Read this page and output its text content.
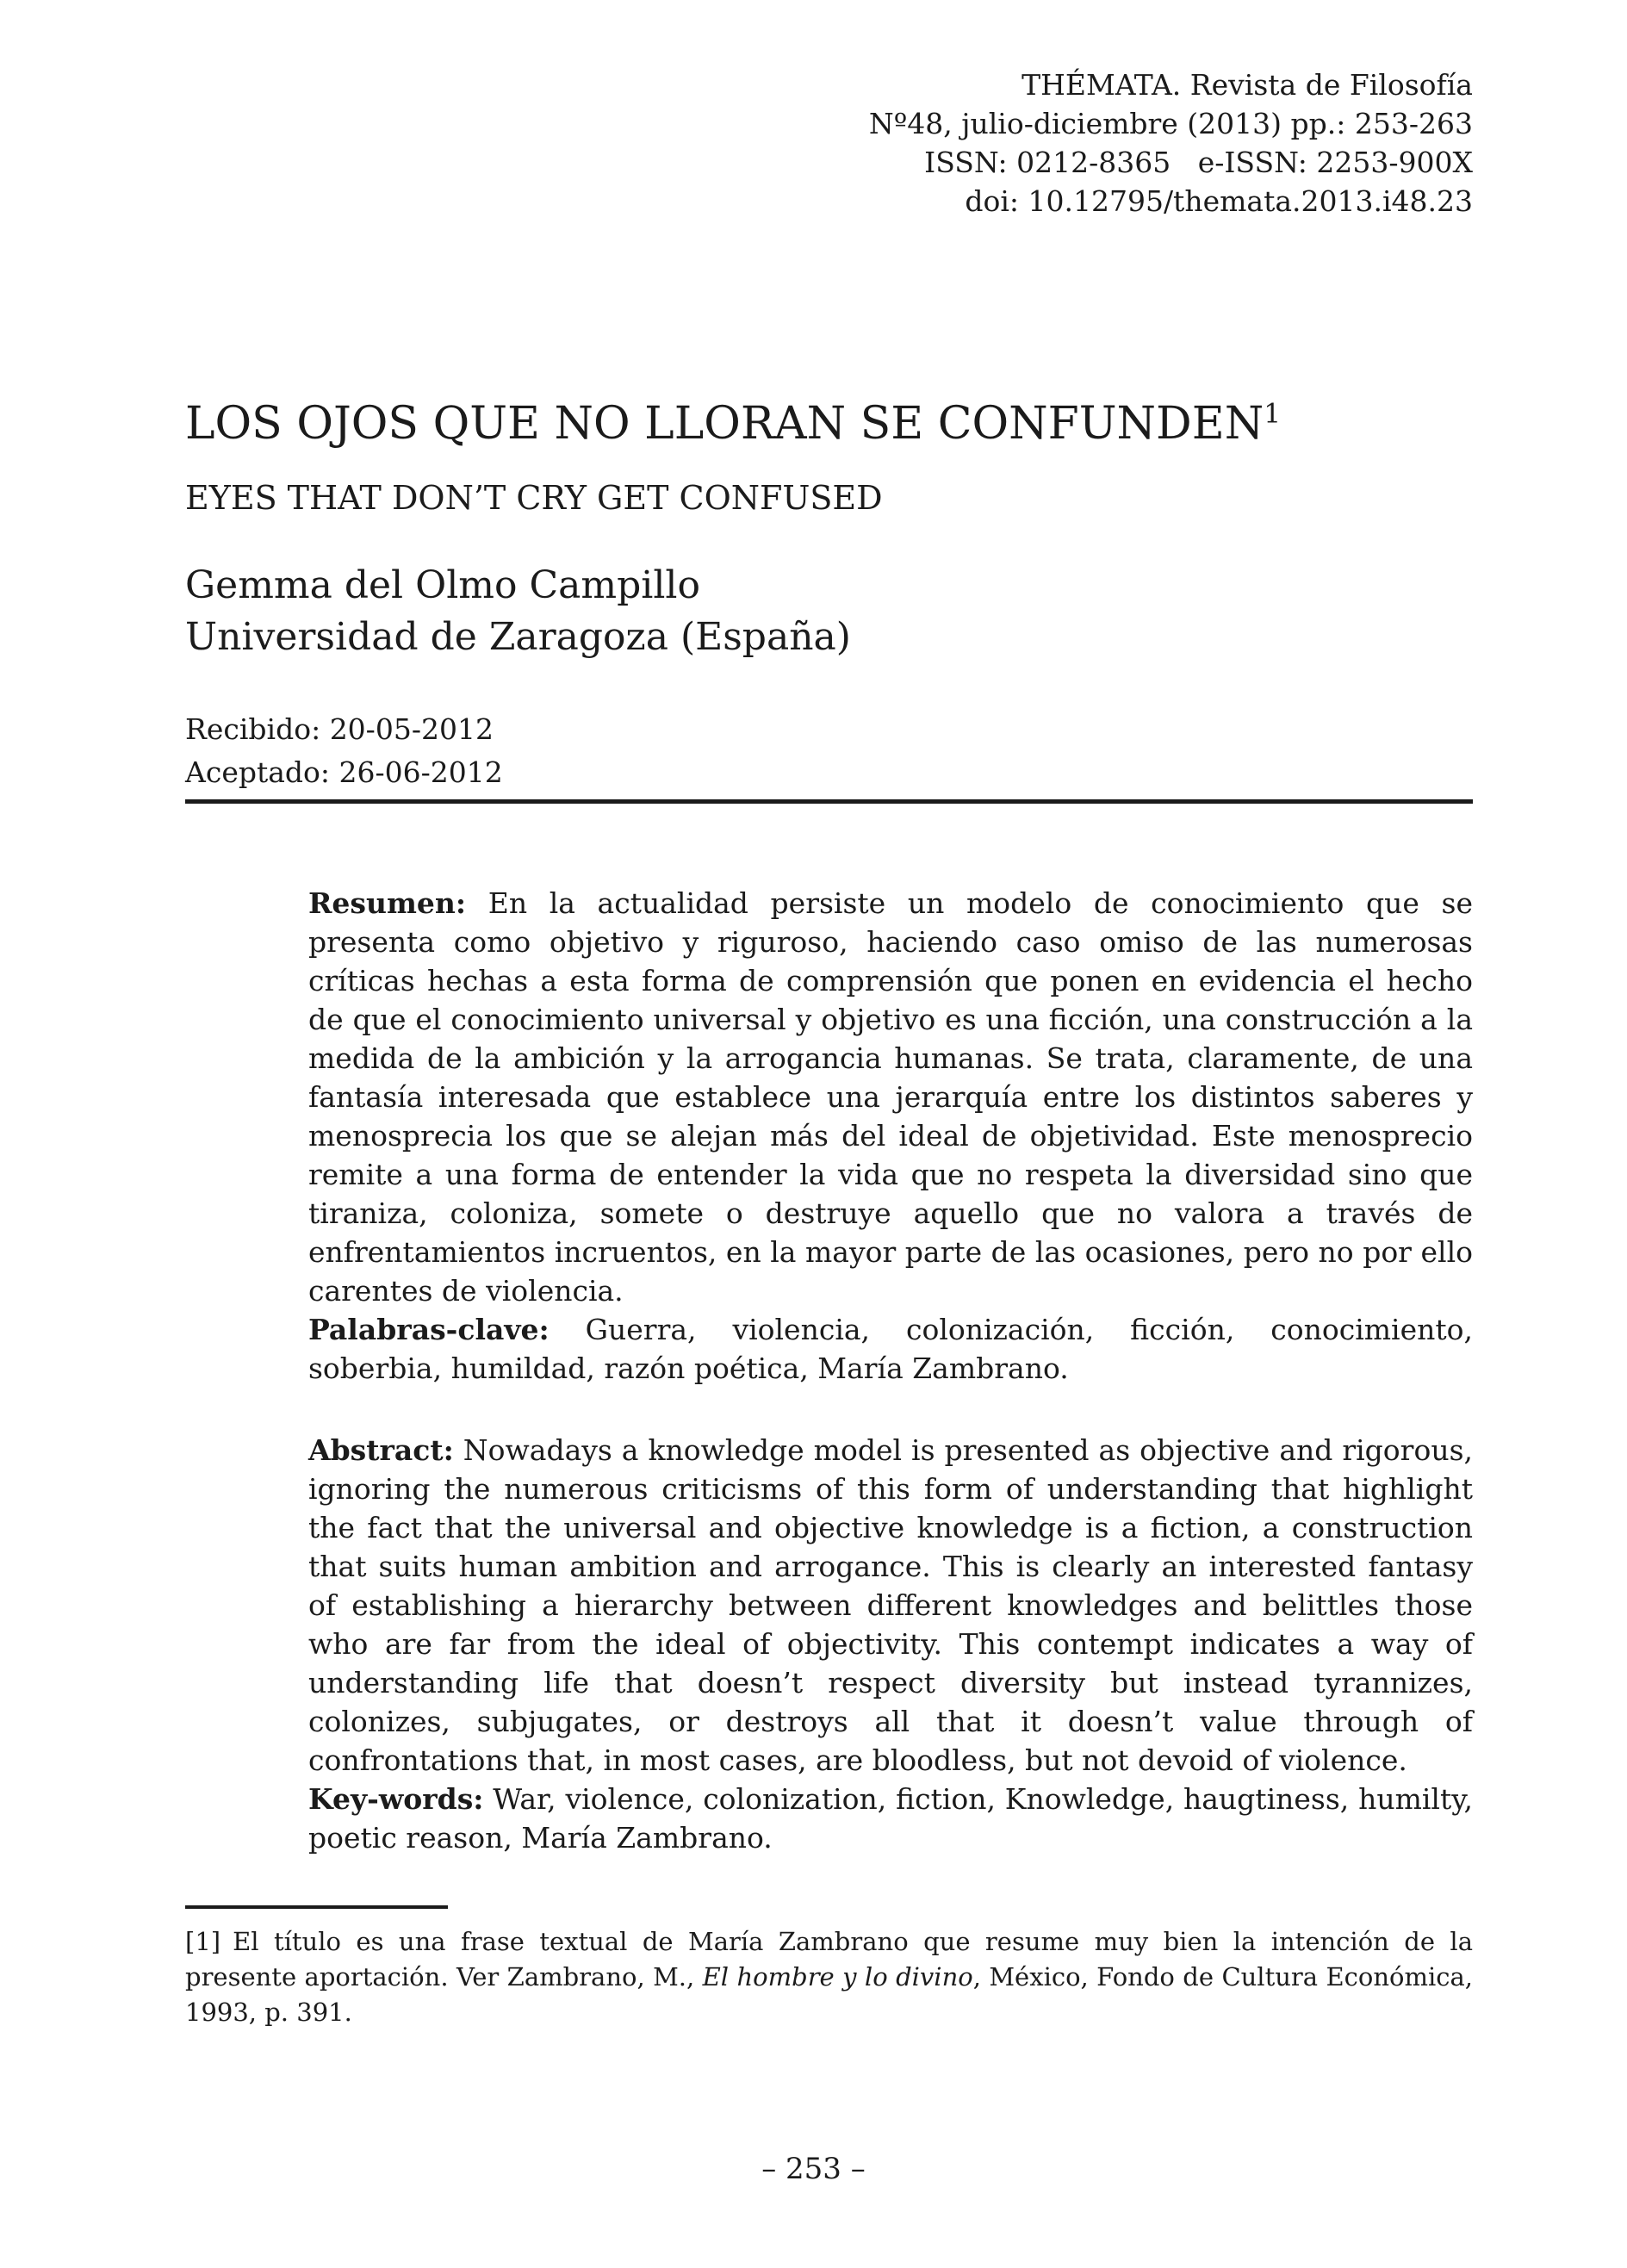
THÉMATA. Revista de Filosofía
Nº48, julio-diciembre (2013) pp.: 253-263
ISSN: 0212-8365   e-ISSN: 2253-900X
doi: 10.12795/themata.2013.i48.23
LOS OJOS QUE NO LLORAN SE CONFUNDEN$^1$
EYES THAT DON’T CRY GET CONFUSED
Gemma del Olmo Campillo
Universidad de Zaragoza (España)
Recibido: 20-05-2012
Aceptado: 26-06-2012

Resumen: En la actualidad persiste un modelo de conocimiento que se presenta como objetivo y riguroso, haciendo caso omiso de las numerosas críticas hechas a esta forma de comprensión que ponen en evidencia el hecho de que el conocimiento universal y objetivo es una ficción, una construcción a la medida de la ambición y la arrogancia humanas. Se trata, claramente, de una fantasía interesada que establece una jerarquía entre los distintos saberes y menosprecia los que se alejan más del ideal de objetividad. Este menosprecio remite a una forma de entender la vida que no respeta la diversidad sino que tiraniza, coloniza, somete o destruye aquello que no valora a través de enfrentamientos incruentos, en la mayor parte de las ocasiones, pero no por ello carentes de violencia.

Palabras-clave: Guerra, violencia, colonización, ficción, conocimiento, soberbia, humildad, razón poética, María Zambrano.

Abstract: Nowadays a knowledge model is presented as objective and rigorous, ignoring the numerous criticisms of this form of understanding that highlight the fact that the universal and objective knowledge is a fiction, a construction that suits human ambition and arrogance. This is clearly an interested fantasy of establishing a hierarchy between different knowledges and belittles those who are far from the ideal of objectivity. This contempt indicates a way of understanding life that doesn’t respect diversity but instead tyrannizes, colonizes, subjugates, or destroys all that it doesn’t value through of confrontations that, in most cases, are bloodless, but not devoid of violence.

Key-words: War, violence, colonization, fiction, Knowledge, haugtiness, humilty, poetic reason, María Zambrano.

[1] El título es una frase textual de María Zambrano que resume muy bien la intención de la presente aportación. Ver Zambrano, M., El hombre y lo divino, México, Fondo de Cultura Económica, 1993, p. 391.
– 253 –
